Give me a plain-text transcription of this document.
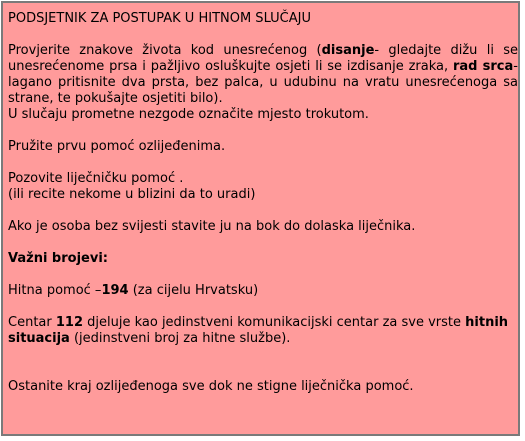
PODSJETNIK ZA POSTUPAK U HITNOM SLUČAJU

Provjerite znakove života kod unesrećenog (disanje- gledajte dižu li se unesrećenome prsa i pažljivo osluškujte osjeti li se izdisanje zraka, rad srca- lagano pritisnite dva prsta, bez palca, u udubinu na vratu unesrećenoga sa strane, te pokušajte osjetiti bilo).
U slučaju prometne nezgode označite mjesto trokutom.

Pružite prvu pomoć ozlijeđenima.

Pozovite liječničku pomoć .
(ili recite nekome u blizini da to uradi)

Ako je osoba bez svijesti stavite ju na bok do dolaska liječnika.

Važni brojevi:

Hitna pomoć –194 (za cijelu Hrvatsku)

Centar 112 djeluje kao jedinstveni komunikacijski centar za sve vrste hitnih situacija (jedinstveni broj za hitne službe).

Ostanite kraj ozlijeđenoga sve dok ne stigne liječnička pomoć.
